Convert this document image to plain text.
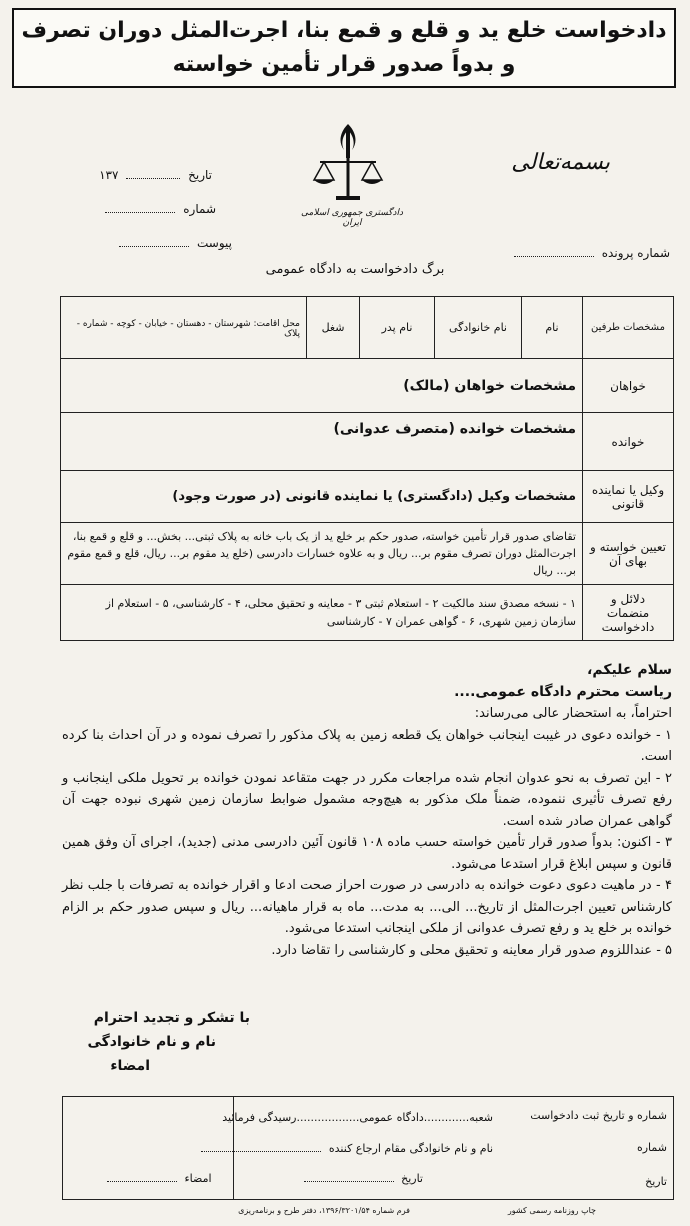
دادخواست خلع ید و قلع و قمع بنا، اجرت‌المثل دوران تصرف
و بدواً صدور قرار تأمین خواسته
بسمه‌تعالی
دادگستری جمهوری اسلامی ایران
تاریخ  ۱۳۷
شماره
پیوست
شماره پرونده
برگ دادخواست به دادگاه عمومی
مشخصات طرفین	نام	نام خانوادگی	نام پدر	شغل	محل اقامت: شهرستان - دهستان - خیابان - کوچه - شماره - پلاک
خواهان	مشخصات خواهان (مالک)				
خوانده	مشخصات خوانده (متصرف عدوانی)				
وکیل یا نماینده قانونی	مشخصات وکیل (دادگستری) یا نماینده قانونی (در صورت وجود)				
تعیین خواسته و بهای آن	تقاضای صدور قرار تأمین خواسته، صدور حکم بر خلع ید از یک باب خانه به پلاک ثبتی... بخش... و قلع و قمع بنا، اجرت‌المثل دوران تصرف مقوم بر... ریال و به علاوه خسارات دادرسی (خلع ید مقوم بر... ریال، قلع و قمع مقوم بر... ریال				
دلائل و منضمات دادخواست	۱ - نسخه مصدق سند مالکیت ۲ - استعلام ثبتی ۳ - معاینه و تحقیق محلی، ۴ - کارشناسی، ۵ - استعلام از سازمان زمین شهری، ۶ - گواهی عمران ۷ - کارشناسی				

سلام علیکم،

ریاست محترم دادگاه عمومی....

احتراماً، به استحضار عالی می‌رساند:

۱ - خوانده دعوی در غیبت اینجانب خواهان یک قطعه زمین به پلاک مذکور را تصرف نموده و در آن احداث بنا کرده است.

۲ - این تصرف به نحو عدوان انجام شده مراجعات مکرر در جهت متقاعد نمودن خوانده بر تحویل ملکی اینجانب و رفع تصرف تأثیری ننموده، ضمناً ملک مذکور به هیچ‌وجه مشمول ضوابط سازمان زمین شهری نبوده جهت آن گواهی عمران صادر شده است.

۳ - اکنون: بدواً صدور قرار تأمین خواسته حسب ماده ۱۰۸ قانون آئین دادرسی مدنی (جدید)، اجرای آن وفق همین قانون و سپس ابلاغ قرار استدعا می‌شود.

۴ - در ماهیت دعوی دعوت خوانده به دادرسی در صورت احراز صحت ادعا و اقرار خوانده به تصرفات با جلب نظر کارشناس تعیین اجرت‌المثل از تاریخ... الی... به مدت... ماه به قرار ماهیانه... ریال و سپس صدور حکم بر الزام خوانده بر خلع ید و رفع تصرف عدوانی از ملکی اینجانب استدعا می‌شود.

۵ - عنداللزوم صدور قرار معاینه و تحقیق محلی و کارشناسی را تقاضا دارد.

با تشکر و تجدید احترام
نام و نام خانوادگی
امضاء
شماره و تاریخ ثبت دادخواست
شماره
تاریخ
شعبه.............دادگاه عمومی..................رسیدگی فرمائید
نام و نام خانوادگی مقام ارجاع کننده
تاریخ
امضاء
فرم شماره ۱۳۹۶/۳۲۰۱/۵۴، دفتر طرح و برنامه‌ریزی	چاپ روزنامه رسمی کشور
